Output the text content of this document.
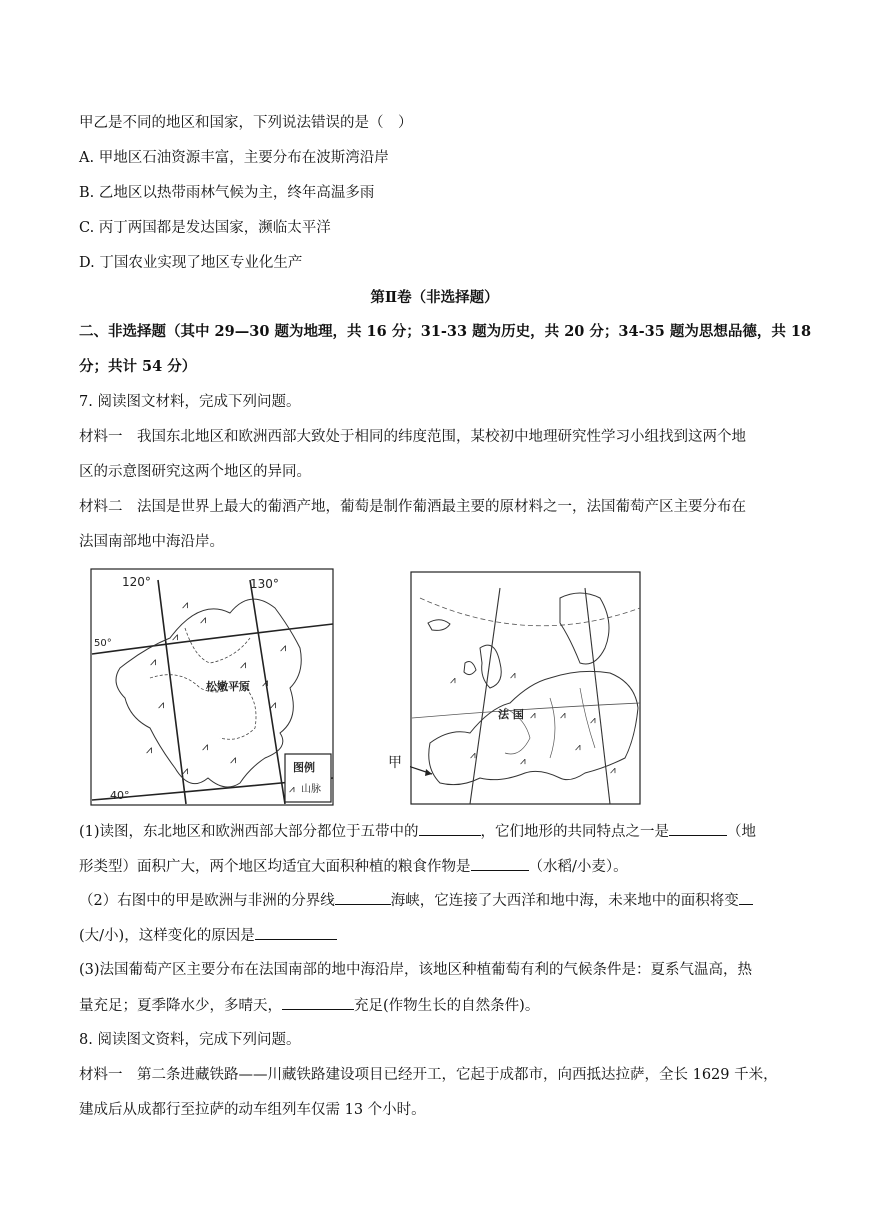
甲乙是不同的地区和国家，下列说法错误的是（　）
A. 甲地区石油资源丰富，主要分布在波斯湾沿岸
B. 乙地区以热带雨林气候为主，终年高温多雨
C. 丙丁两国都是发达国家，濒临太平洋
D. 丁国农业实现了地区专业化生产
第Ⅱ卷（非选择题）
二、非选择题（其中 29—30 题为地理，共 16 分；31-33 题为历史，共 20 分；34-35 题为思想品德，共 18
分；共计 54 分）
7. 阅读图文材料，完成下列问题。
材料一　我国东北地区和欧洲西部大致处于相同的纬度范围，某校初中地理研究性学习小组找到这两个地
区的示意图研究这两个地区的异同。
材料二　法国是世界上最大的葡酒产地，葡萄是制作葡酒最主要的原材料之一，法国葡萄产区主要分布在
法国南部地中海沿岸。
⩘
⩘
⩘
⩘	⩘
⩘
⩘
⩘
⩘	⩘
⩘
⩘
⩘
120°	130°
50°
40°
松嫩平原
图例
⩘ 山脉
⩘	⩘
⩘ ⩘
⩘
⩘
⩘
⩘
⩘
法 国
甲
(1)读图，东北地区和欧洲西部大部分都位于五带中的	，它们地形的共同特点之一是	（地
形类型）面积广大，两个地区均适宜大面积种植的粮食作物是	（水稻/小麦）。
（2）右图中的甲是欧洲与非洲的分界线	海峡，它连接了大西洋和地中海，未来地中的面积将变
(大/小)，这样变化的原因是
(3)法国葡萄产区主要分布在法国南部的地中海沿岸，该地区种植葡萄有利的气候条件是：夏系气温高，热
量充足；夏季降水少，多晴天，	充足(作物生长的自然条件)。
8. 阅读图文资料，完成下列问题。
材料一　第二条进藏铁路——川藏铁路建设项目已经开工，它起于成都市，向西抵达拉萨，全长 1629 千米，
建成后从成都行至拉萨的动车组列车仅需 13 个小时。
